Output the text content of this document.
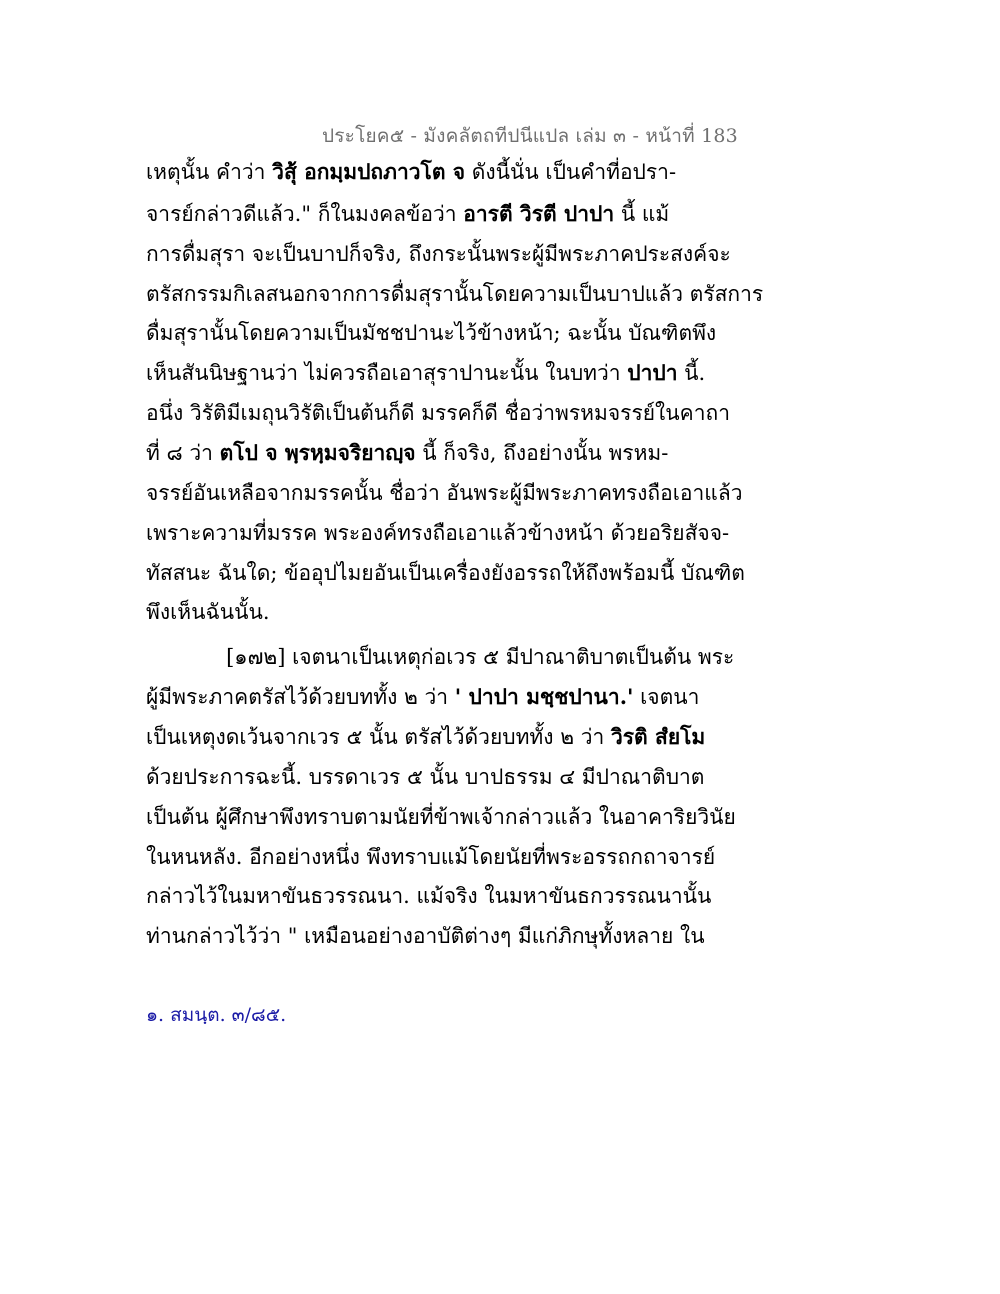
ประโยค๕ - มังคลัตถทีปนีแปล เล่ม ๓ - หน้าที่ 183
เหตุนั้น คำว่า วิสุ้ อกมฺมปถภาวโต จ ดังนี้นั่น เป็นคำที่อปรา-
จารย์กล่าวดีแล้ว." ก็ในมงคลข้อว่า อารตี วิรตี ปาปา นี้ แม้
การดื่มสุรา จะเป็นบาปก็จริง, ถึงกระนั้นพระผู้มีพระภาคประสงค์จะ
ตรัสกรรมกิเลสนอกจากการดื่มสุรานั้นโดยความเป็นบาปแล้ว ตรัสการ
ดื่มสุรานั้นโดยความเป็นมัชชปานะไว้ข้างหน้า; ฉะนั้น บัณฑิตพึง
เห็นสันนิษฐานว่า ไม่ควรถือเอาสุราปานะนั้น ในบทว่า ปาปา นี้.
อนึ่ง วิรัติมีเมถุนวิรัติเป็นต้นก็ดี มรรคก็ดี ชื่อว่าพรหมจรรย์ในคาถา
ที่ ๘ ว่า ตโป จ พฺรหฺมจริยาญฺจ นี้ ก็จริง, ถึงอย่างนั้น พรหม-
จรรย์อันเหลือจากมรรคนั้น ชื่อว่า อันพระผู้มีพระภาคทรงถือเอาแล้ว
เพราะความที่มรรค พระองค์ทรงถือเอาแล้วข้างหน้า ด้วยอริยสัจจ-
ทัสสนะ ฉันใด; ข้ออุปไมยอันเป็นเครื่องยังอรรถให้ถึงพร้อมนี้ บัณฑิต
พึงเห็นฉันนั้น.
[๑๗๒] เจตนาเป็นเหตุก่อเวร ๕ มีปาณาติบาตเป็นต้น พระ
ผู้มีพระภาคตรัสไว้ด้วยบททั้ง ๒ ว่า ' ปาปา มชฺชปานา.' เจตนา
เป็นเหตุงดเว้นจากเวร ๕ นั้น ตรัสไว้ด้วยบททั้ง ๒ ว่า วิรติ สํยโม
ด้วยประการฉะนี้. บรรดาเวร ๕ นั้น บาปธรรม ๔ มีปาณาติบาต
เป็นต้น ผู้ศึกษาพึงทราบตามนัยที่ข้าพเจ้ากล่าวแล้ว ในอาคาริยวินัย
ในหนหลัง. อีกอย่างหนึ่ง พึงทราบแม้โดยนัยที่พระอรรถกถาจารย์
กล่าวไว้ในมหาขันธวรรณนา. แม้จริง ในมหาขันธกวรรณนานั้น
ท่านกล่าวไว้ว่า " เหมือนอย่างอาบัติต่างๆ มีแก่ภิกษุทั้งหลาย ใน
๑. สมนฺต. ๓/๘๕.
